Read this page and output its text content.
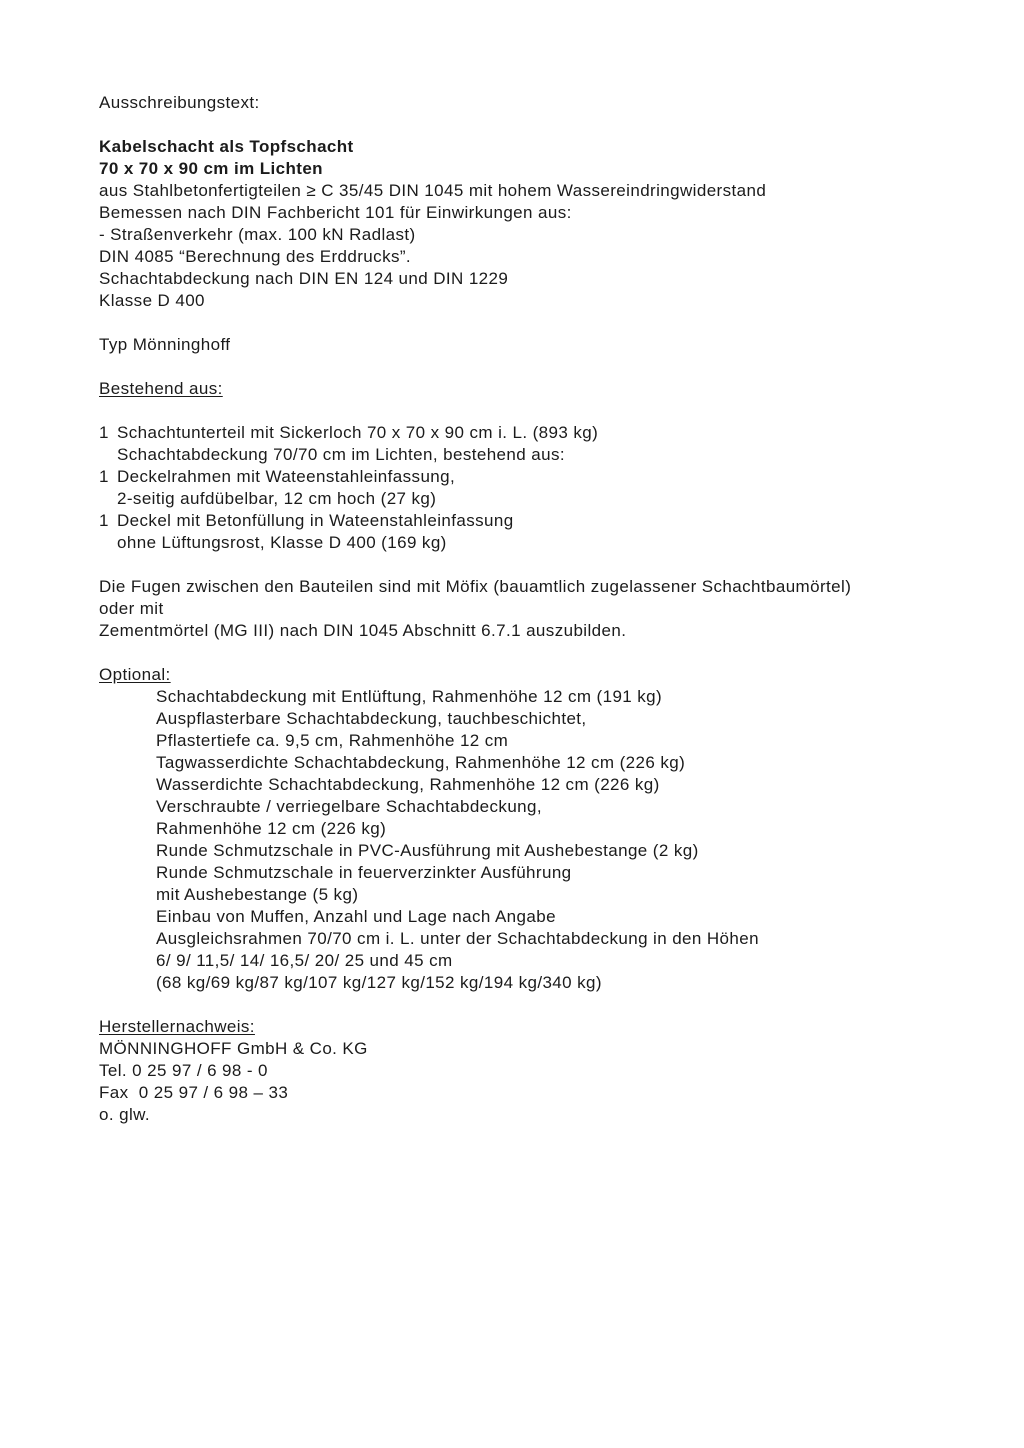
Ausschreibungstext:

Kabelschacht als Topfschacht

70 x 70 x 90 cm im Lichten

aus Stahlbetonfertigteilen ≥ C 35/45 DIN 1045 mit hohem Wassereindringwiderstand

Bemessen nach DIN Fachbericht 101 für Einwirkungen aus:

- Straßenverkehr (max. 100 kN Radlast)

DIN 4085 “Berechnung des Erddrucks”.

Schachtabdeckung nach DIN EN 124 und DIN 1229

Klasse D 400

Typ Mönninghoff

Bestehend aus:

1 Schachtunterteil mit Sickerloch 70 x 70 x 90 cm i. L. (893 kg)

Schachtabdeckung 70/70 cm im Lichten, bestehend aus:

1 Deckelrahmen mit Wateenstahleinfassung,

2-seitig aufdübelbar, 12 cm hoch (27 kg)

1 Deckel mit Betonfüllung in Wateenstahleinfassung

ohne Lüftungsrost, Klasse D 400 (169 kg)

Die Fugen zwischen den Bauteilen sind mit Möfix (bauamtlich zugelassener Schachtbaumörtel)

oder mit

Zementmörtel (MG III) nach DIN 1045 Abschnitt 6.7.1 auszubilden.

Optional:

Schachtabdeckung mit Entlüftung, Rahmenhöhe 12 cm (191 kg)

Auspflasterbare Schachtabdeckung, tauchbeschichtet,

Pflastertiefe ca. 9,5 cm, Rahmenhöhe 12 cm

Tagwasserdichte Schachtabdeckung, Rahmenhöhe 12 cm (226 kg)

Wasserdichte Schachtabdeckung, Rahmenhöhe 12 cm (226 kg)

Verschraubte / verriegelbare Schachtabdeckung,

Rahmenhöhe 12 cm (226 kg)

Runde Schmutzschale in PVC-Ausführung mit Aushebestange (2 kg)

Runde Schmutzschale in feuerverzinkter Ausführung

mit Aushebestange (5 kg)

Einbau von Muffen, Anzahl und Lage nach Angabe

Ausgleichsrahmen 70/70 cm i. L. unter der Schachtabdeckung in den Höhen

6/ 9/ 11,5/ 14/ 16,5/ 20/ 25 und 45 cm

(68 kg/69 kg/87 kg/107 kg/127 kg/152 kg/194 kg/340 kg)

Herstellernachweis:

MÖNNINGHOFF GmbH & Co. KG

Tel. 0 25 97 / 6 98 - 0

Fax  0 25 97 / 6 98 – 33

o. glw.
